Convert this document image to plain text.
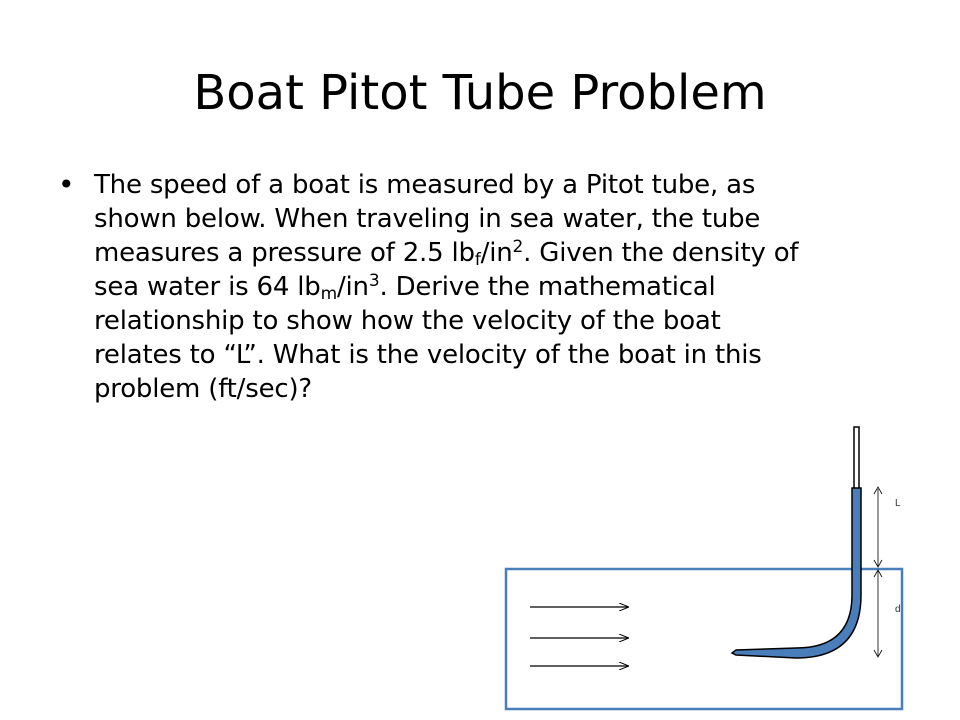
Boat Pitot Tube Problem
• The speed of a boat is measured by a Pitot tube, as shown below. When traveling in sea water, the tube measures a pressure of 2.5 $lb_f/in^2$. Given the density of sea water is 64 $lb_m/in^3$. Derive the mathematical relationship to show how the velocity of the boat relates to “L”. What is the velocity of the boat in this problem (ft/sec)?
L
d
